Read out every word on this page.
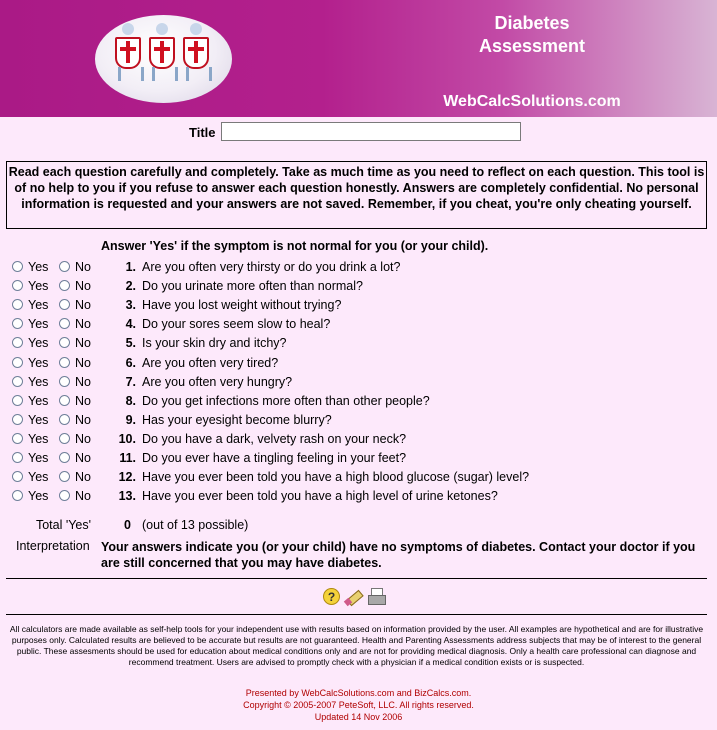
Diabetes
Assessment
WebCalcSolutions.com
Title
Read each question carefully and completely. Take as much time as you need to reflect on each question. This tool is of no help to you if you refuse to answer each question honestly. Answers are completely confidential. No personal information is requested and your answers are not saved. Remember, if you cheat, you're only cheating yourself.
Answer 'Yes' if the symptom is not normal for you (or your child).
Yes No	1. Are you often very thirsty or do you drink a lot?
Yes No	2. Do you urinate more often than normal?
Yes No	3. Have you lost weight without trying?
Yes No	4. Do your sores seem slow to heal?
Yes No	5. Is your skin dry and itchy?
Yes No	6. Are you often very tired?
Yes No	7. Are you often very hungry?
Yes No	8. Do you get infections more often than other people?
Yes No	9. Has your eyesight become blurry?
Yes No	10. Do you have a dark, velvety rash on your neck?
Yes No	11. Do you ever have a tingling feeling in your feet?
Yes No	12. Have you ever been told you have a high blood glucose (sugar) level?
Yes No	13. Have you ever been told you have a high level of urine ketones?
Total 'Yes'	0 (out of 13 possible)
Interpretation Your answers indicate you (or your child) have no symptoms of diabetes. Contact your doctor if you are still concerned that you may have diabetes.
?
All calculators are made available as self-help tools for your independent use with results based on information provided by the user. All examples are hypothetical and are for illustrative purposes only. Calculated results are believed to be accurate but results are not guaranteed. Health and Parenting Assessments address subjects that may be of interest to the general public. These assesments should be used for education about medical conditions only and are not for providing medical diagnosis. Only a health care professional can diagnose and recommend treatment. Users are advised to promptly check with a physician if a medical condition exists or is suspected.
Presented by WebCalcSolutions.com and BizCalcs.com.
Copyright © 2005-2007 PeteSoft, LLC. All rights reserved.
Updated 14 Nov 2006
